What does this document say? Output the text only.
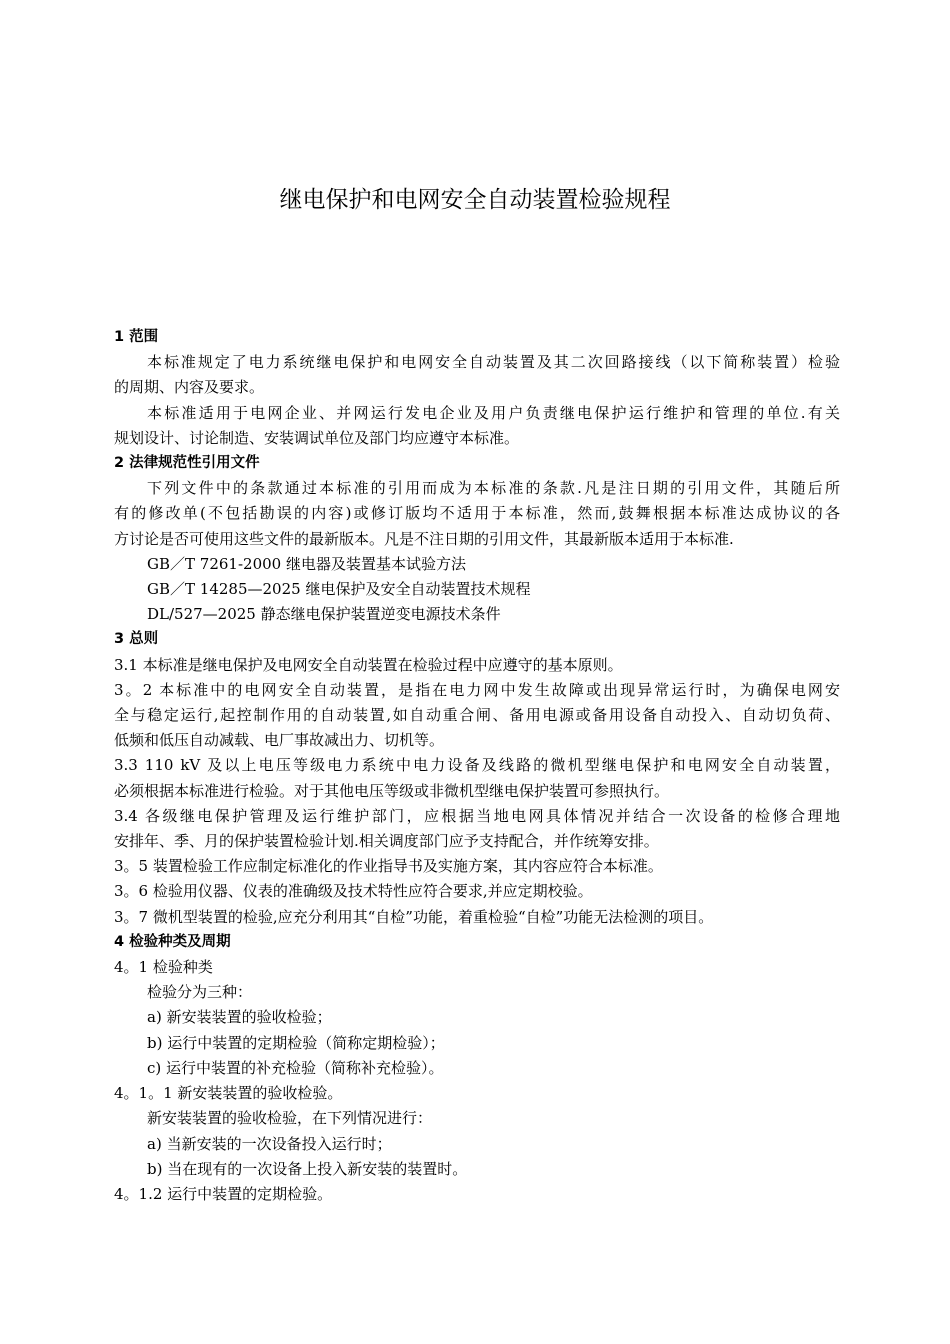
继电保护和电网安全自动装置检验规程

1 范围

本标准规定了电力系统继电保护和电网安全自动装置及其二次回路接线（以下简称装置）检验

的周期、内容及要求。

本标准适用于电网企业、并网运行发电企业及用户负责继电保护运行维护和管理的单位.有关

规划设计、讨论制造、安装调试单位及部门均应遵守本标准。

2 法律规范性引用文件

下列文件中的条款通过本标准的引用而成为本标准的条款.凡是注日期的引用文件，其随后所

有的修改单(不包括勘误的内容)或修订版均不适用于本标准，然而,鼓舞根据本标准达成协议的各

方讨论是否可使用这些文件的最新版本。凡是不注日期的引用文件，其最新版本适用于本标准.

GB／T 7261-2000 继电器及装置基本试验方法

GB／T 14285—2025 继电保护及安全自动装置技术规程

DL/527—2025 静态继电保护装置逆变电源技术条件

3 总则

3.1 本标准是继电保护及电网安全自动装置在检验过程中应遵守的基本原则。

3。2 本标准中的电网安全自动装置，是指在电力网中发生故障或出现异常运行时，为确保电网安

全与稳定运行,起控制作用的自动装置,如自动重合闸、备用电源或备用设备自动投入、自动切负荷、

低频和低压自动减载、电厂事故减出力、切机等。

3.3 110 kV 及以上电压等级电力系统中电力设备及线路的微机型继电保护和电网安全自动装置，

必须根据本标准进行检验。对于其他电压等级或非微机型继电保护装置可参照执行。

3.4 各级继电保护管理及运行维护部门，应根据当地电网具体情况并结合一次设备的检修合理地

安排年、季、月的保护装置检验计划.相关调度部门应予支持配合，并作统筹安排。

3。5 装置检验工作应制定标准化的作业指导书及实施方案，其内容应符合本标准。

3。6 检验用仪器、仪表的准确级及技术特性应符合要求,并应定期校验。

3。7 微机型装置的检验,应充分利用其“自检”功能，着重检验“自检”功能无法检测的项目。

4 检验种类及周期

4。1 检验种类

检验分为三种：

a) 新安装装置的验收检验；

b) 运行中装置的定期检验（简称定期检验）；

c) 运行中装置的补充检验（简称补充检验）。

4。1。1 新安装装置的验收检验。

新安装装置的验收检验，在下列情况进行：

a) 当新安装的一次设备投入运行时；

b) 当在现有的一次设备上投入新安装的装置时。

4。1.2 运行中装置的定期检验。
